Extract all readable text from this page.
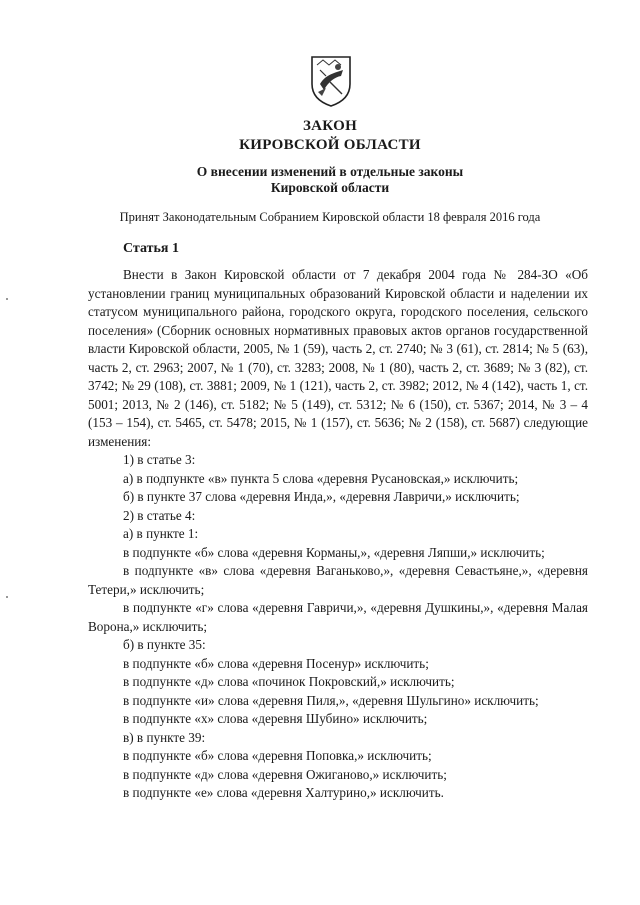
ЗАКОН
КИРОВСКОЙ ОБЛАСТИ
О внесении изменений в отдельные законы
Кировской области
Принят Законодательным Собранием Кировской области 18 февраля 2016 года
Статья 1

Внести в Закон Кировской области от 7 декабря 2004 года № 284-ЗО «Об установлении границ муниципальных образований Кировской области и наделении их статусом муниципального района, городского округа, городского поселения, сельского поселения» (Сборник основных нормативных правовых актов органов государственной власти Кировской области, 2005, № 1 (59), часть 2, ст. 2740; № 3 (61), ст. 2814; № 5 (63), часть 2, ст. 2963; 2007, № 1 (70), ст. 3283; 2008, № 1 (80), часть 2, ст. 3689; № 3 (82), ст. 3742; № 29 (108), ст. 3881; 2009, № 1 (121), часть 2, ст. 3982; 2012, № 4 (142), часть 1, ст. 5001; 2013, № 2 (146), ст. 5182; № 5 (149), ст. 5312; № 6 (150), ст. 5367; 2014, № 3 – 4 (153 – 154), ст. 5465, ст. 5478; 2015, № 1 (157), ст. 5636; № 2 (158), ст. 5687) следующие изменения:

1) в статье 3:

а) в подпункте «в» пункта 5 слова «деревня Русановская,» исключить;

б) в пункте 37 слова «деревня Инда,», «деревня Лавричи,» исключить;

2) в статье 4:

а) в пункте 1:

в подпункте «б» слова «деревня Корманы,», «деревня Ляпши,» исключить;

в подпункте «в» слова «деревня Ваганьково,», «деревня Севастьяне,», «деревня Тетери,» исключить;

в подпункте «г» слова «деревня Гавричи,», «деревня Душкины,», «деревня Малая Ворона,» исключить;

б) в пункте 35:

в подпункте «б» слова «деревня Посенур» исключить;

в подпункте «д» слова «починок Покровский,» исключить;

в подпункте «и» слова «деревня Пиля,», «деревня Шульгино» исключить;

в подпункте «х» слова «деревня Шубино» исключить;

в) в пункте 39:

в подпункте «б» слова «деревня Поповка,» исключить;

в подпункте «д» слова «деревня Ожиганово,» исключить;

в подпункте «е» слова «деревня Халтурино,» исключить.
